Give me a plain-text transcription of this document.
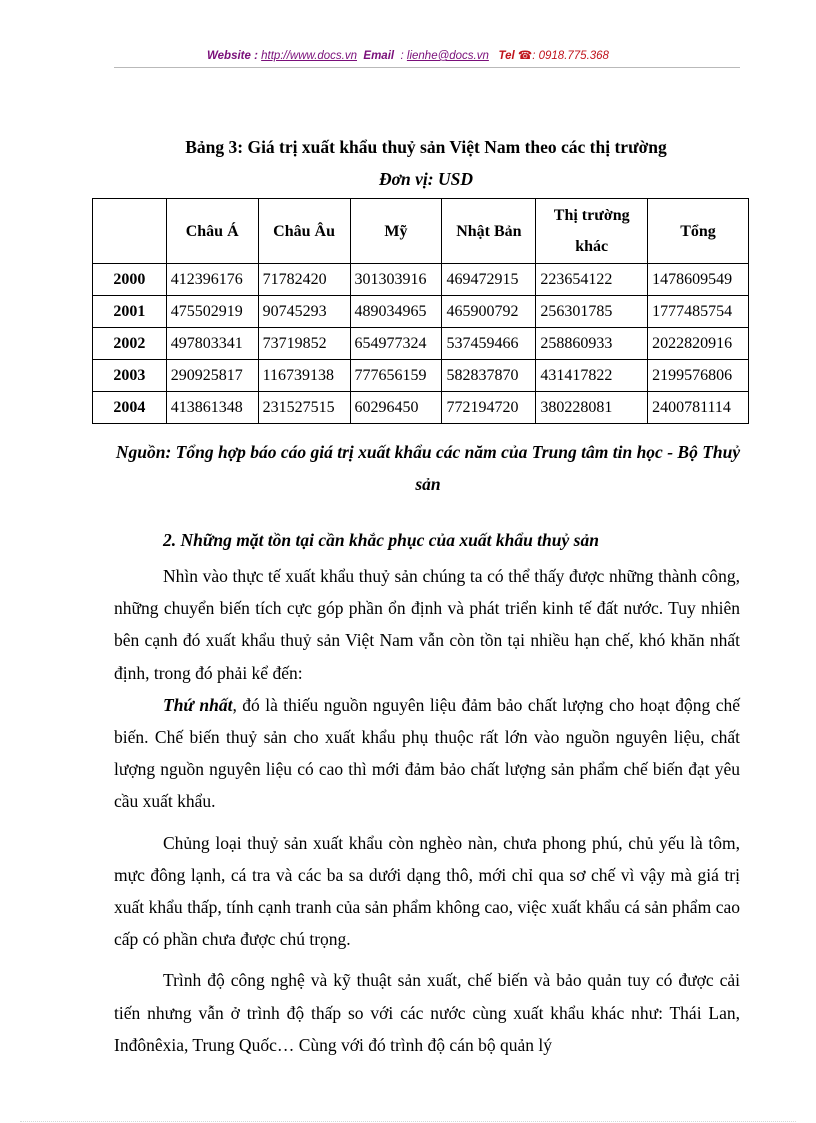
Website : http://www.docs.vn Email : lienhe@docs.vn Tel ☎: 0918.775.368
Bảng 3: Giá trị xuất khẩu thuỷ sản Việt Nam theo các thị trường
Đơn vị: USD
	Châu Á	Châu Âu	Mỹ	Nhật Bản	Thị trường khác	Tổng
2000	412396176	71782420	301303916	469472915	223654122	1478609549
2001	475502919	90745293	489034965	465900792	256301785	1777485754
2002	497803341	73719852	654977324	537459466	258860933	2022820916
2003	290925817	116739138	777656159	582837870	431417822	2199576806
2004	413861348	231527515	60296450	772194720	380228081	2400781114
Nguồn: Tổng hợp báo cáo giá trị xuất khẩu các năm của Trung tâm tin học - Bộ Thuỷ sản
2. Những mặt tồn tại cần khắc phục của xuất khẩu thuỷ sản

Nhìn vào thực tế xuất khẩu thuỷ sản chúng ta có thể thấy được những thành công, những chuyển biến tích cực góp phần ổn định và phát triển kinh tế đất nước. Tuy nhiên bên cạnh đó xuất khẩu thuỷ sản Việt Nam vẫn còn tồn tại nhiều hạn chế, khó khăn nhất định, trong đó phải kể đến:

Thứ nhất, đó là thiếu nguồn nguyên liệu đảm bảo chất lượng cho hoạt động chế biến. Chế biến thuỷ sản cho xuất khẩu phụ thuộc rất lớn vào nguồn nguyên liệu, chất lượng nguồn nguyên liệu có cao thì mới đảm bảo chất lượng sản phẩm chế biến đạt yêu cầu xuất khẩu.

Chủng loại thuỷ sản xuất khẩu còn nghèo nàn, chưa phong phú, chủ yếu là tôm, mực đông lạnh, cá tra và các ba sa dưới dạng thô, mới chỉ qua sơ chế vì vậy mà giá trị xuất khẩu thấp, tính cạnh tranh của sản phẩm không cao, việc xuất khẩu cá sản phẩm cao cấp có phần chưa được chú trọng.

Trình độ công nghệ và kỹ thuật sản xuất, chế biến và bảo quản tuy có được cải tiến nhưng vẫn ở trình độ thấp so với các nước cùng xuất khẩu khác như: Thái Lan, Inđônêxia, Trung Quốc… Cùng với đó trình độ cán bộ quản lý
